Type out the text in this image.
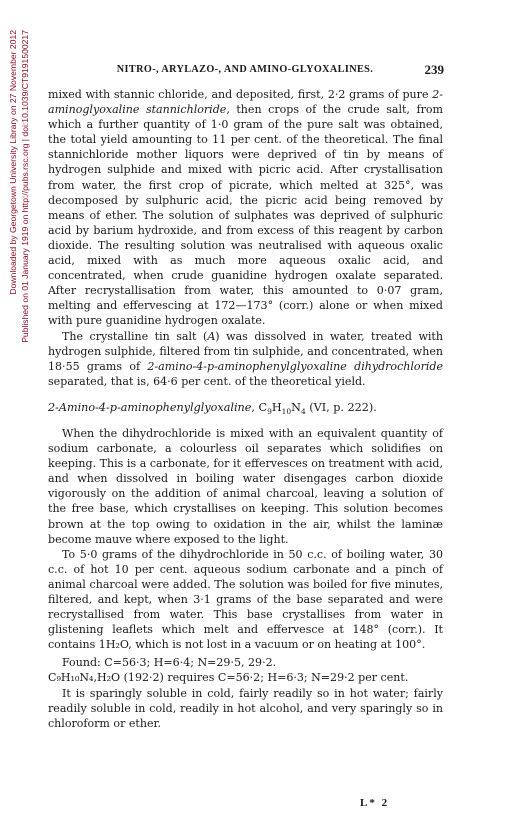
Downloaded by Georgetown University Library on 27 November 2012 Published on 01 January 1919 on http://pubs.rsc.org | doi:10.1039/CT9191500217	NITRO-, ARYLAZO-, AND AMINO-GLYOXALINES.	239

mixed with stannic chloride, and deposited, first, 2·2 grams of pure 2-aminoglyoxaline stannichloride, then crops of the crude salt, from which a further quantity of 1·0 gram of the pure salt was obtained, the total yield amounting to 11 per cent. of the theoretical. The final stannichloride mother liquors were deprived of tin by means of hydrogen sulphide and mixed with picric acid. After crystallisation from water, the first crop of picrate, which melted at 325°, was decomposed by sulphuric acid, the picric acid being removed by means of ether. The solution of sulphates was deprived of sulphuric acid by barium hydroxide, and from excess of this reagent by carbon dioxide. The resulting solution was neutralised with aqueous oxalic acid, mixed with as much more aqueous oxalic acid, and concentrated, when crude guanidine hydrogen oxalate separated. After recrystallisation from water, this amounted to 0·07 gram, melting and effervescing at 172—173° (corr.) alone or when mixed with pure guanidine hydrogen oxalate.

The crystalline tin salt (A) was dissolved in water, treated with hydrogen sulphide, filtered from tin sulphide, and concentrated, when 18·55 grams of 2-amino-4-p-aminophenylglyoxaline dihydrochloride separated, that is, 64·6 per cent. of the theoretical yield.

2-Amino-4-p-aminophenylglyoxaline, $C_9H_{10}N_4$ (VI, p. 222).

When the dihydrochloride is mixed with an equivalent quantity of sodium carbonate, a colourless oil separates which solidifies on keeping. This is a carbonate, for it effervesces on treatment with acid, and when dissolved in boiling water disengages carbon dioxide vigorously on the addition of animal charcoal, leaving a solution of the free base, which crystallises on keeping. This solution becomes brown at the top owing to oxidation in the air, whilst the laminæ become mauve where exposed to the light.

To 5·0 grams of the dihydrochloride in 50 c.c. of boiling water, 30 c.c. of hot 10 per cent. aqueous sodium carbonate and a pinch of animal charcoal were added. The solution was boiled for five minutes, filtered, and kept, when 3·1 grams of the base separated and were recrystallised from water. This base crystallises from water in glistening leaflets which melt and effervesce at 148° (corr.). It contains 1H₂O, which is not lost in a vacuum or on heating at 100°.

Found: C=56·3; H=6·4; N=29·5, 29·2.

C₉H₁₀N₄,H₂O (192·2) requires C=56·2; H=6·3; N=29·2 per cent.

It is sparingly soluble in cold, fairly readily so in hot water; fairly readily soluble in cold, readily in hot alcohol, and very sparingly so in chloroform or ether.

L* 2
